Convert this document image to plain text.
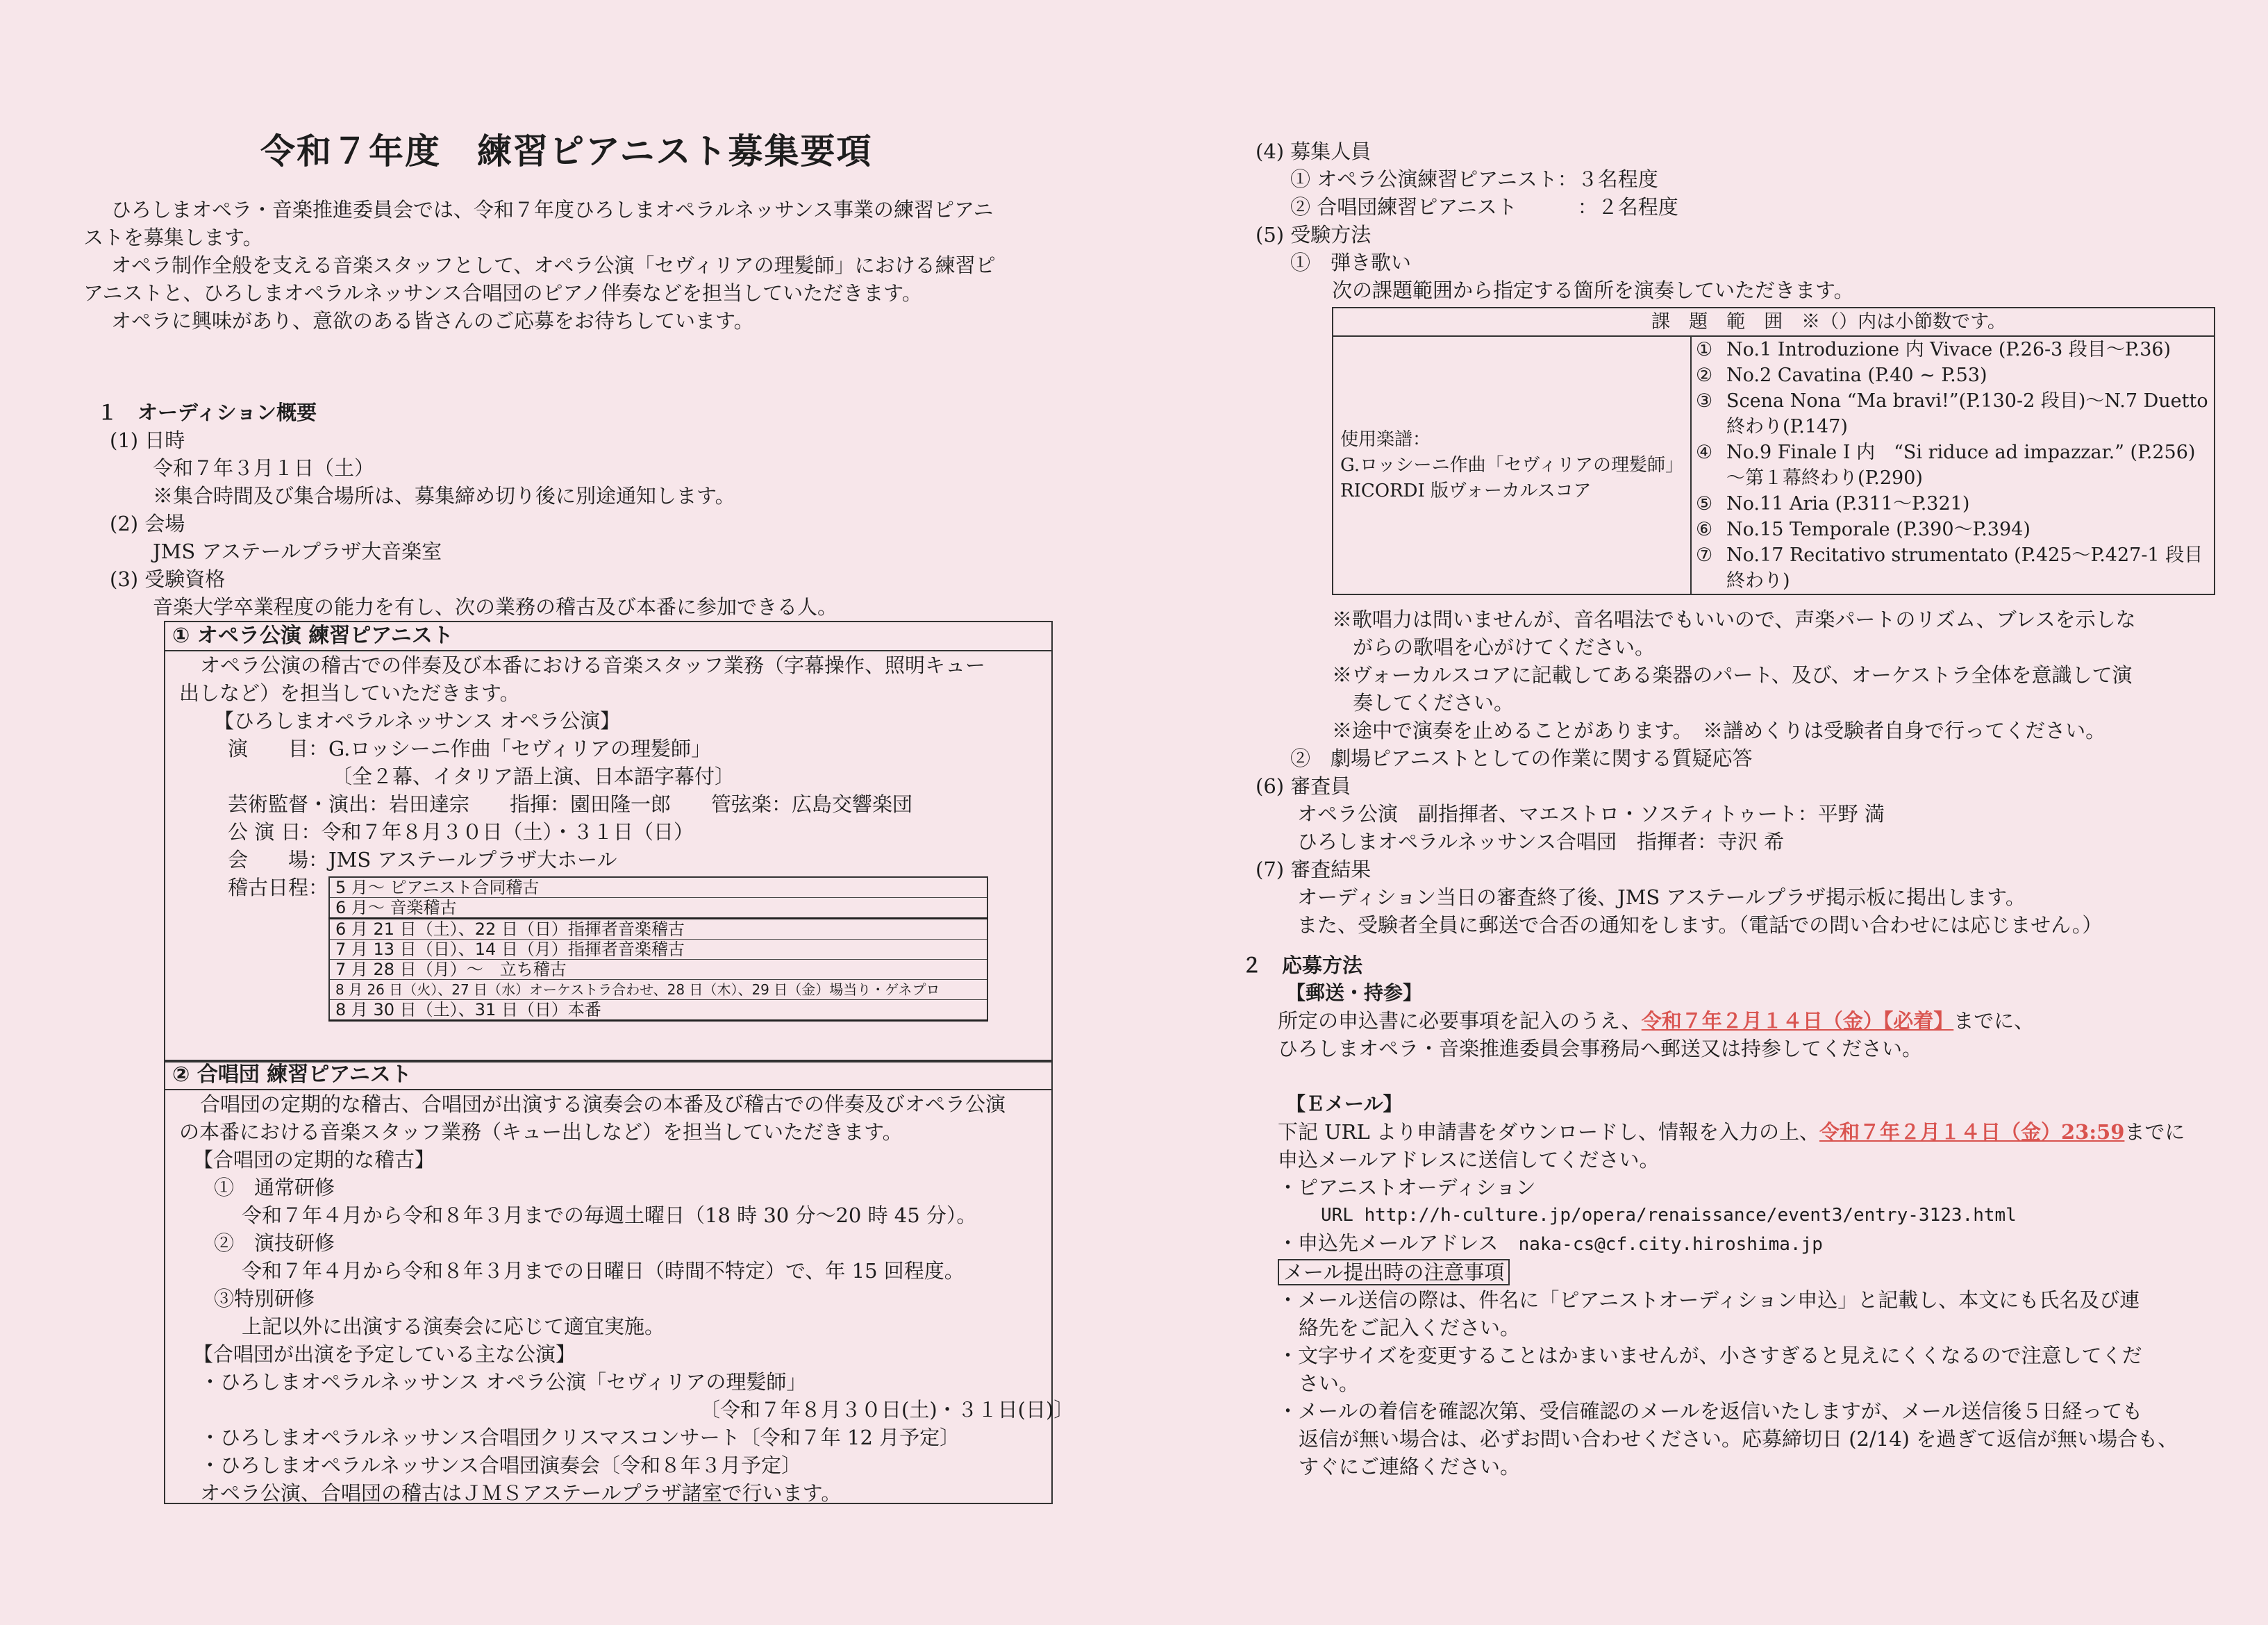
令和７年度　練習ピアニスト募集要項
ひろしまオペラ・音楽推進委員会では、令和７年度ひろしまオペラルネッサンス事業の練習ピアニ
ストを募集します。
オペラ制作全般を支える音楽スタッフとして、オペラ公演「セヴィリアの理髪師」における練習ピ
アニストと、ひろしまオペラルネッサンス合唱団のピアノ伴奏などを担当していただきます。
オペラに興味があり、意欲のある皆さんのご応募をお待ちしています。
１　オーディション概要
(1) 日時
令和７年３月１日（土）
※集合時間及び集合場所は、募集締め切り後に別途通知します。
(2) 会場
JMS アステールプラザ大音楽室
(3) 受験資格
音楽大学卒業程度の能力を有し、次の業務の稽古及び本番に参加できる人。
① オペラ公演 練習ピアニスト
オペラ公演の稽古での伴奏及び本番における音楽スタッフ業務（字幕操作、照明キュー
出しなど）を担当していただきます。
【ひろしまオペラルネッサンス オペラ公演】
演　　目：G.ロッシーニ作曲「セヴィリアの理髪師」
〔全２幕、イタリア語上演、日本語字幕付〕
芸術監督・演出：岩田達宗　　指揮：園田隆一郎　　管弦楽：広島交響楽団
公 演 日：令和７年８月３０日（土）・３１日（日）
会　　場：JMS アステールプラザ大ホール
稽古日程： 5 月～ ピアニスト合同稽古
6 月～ 音楽稽古
6 月 21 日（土）、22 日（日）指揮者音楽稽古
7 月 13 日（日）、14 日（月）指揮者音楽稽古
7 月 28 日（月）～　立ち稽古
8 月 26 日（火）、27 日（水）オーケストラ合わせ、28 日（木）、29 日（金）場当り・ゲネプロ
8 月 30 日（土）、31 日（日）本番
② 合唱団 練習ピアニスト
合唱団の定期的な稽古、合唱団が出演する演奏会の本番及び稽古での伴奏及びオペラ公演
の本番における音楽スタッフ業務（キュー出しなど）を担当していただきます。
【合唱団の定期的な稽古】
①　通常研修
令和７年４月から令和８年３月までの毎週土曜日（18 時 30 分～20 時 45 分）。
②　演技研修
令和７年４月から令和８年３月までの日曜日（時間不特定）で、年 15 回程度。
③特別研修
上記以外に出演する演奏会に応じて適宜実施。
【合唱団が出演を予定している主な公演】
・ひろしまオペラルネッサンス オペラ公演「セヴィリアの理髪師」
〔令和７年８月３０日(土)・３１日(日)〕
・ひろしまオペラルネッサンス合唱団クリスマスコンサート〔令和７年 12 月予定〕
・ひろしまオペラルネッサンス合唱団演奏会〔令和８年３月予定〕
オペラ公演、合唱団の稽古はＪＭＳアステールプラザ諸室で行います。
(4) 募集人員
① オペラ公演練習ピアニスト：３名程度
② 合唱団練習ピアニスト　　　：２名程度
(5) 受験方法
①　弾き歌い
次の課題範囲から指定する箇所を演奏していただきます。
課　題　範　囲　※（）内は小節数です。

使用楽譜：
G.ロッシーニ作曲「セヴィリアの理髪師」
RICORDI 版ヴォーカルスコア

① No.1 Introduzione 内 Vivace (P.26-3 段目～P.36)
② No.2 Cavatina (P.40 ~ P.53)
③ Scena Nona “Ma bravi!”(P.130-2 段目)～N.7 Duetto 終わり(P.147)
④ No.9 Finale I 内　“Si riduce ad impazzar.” (P.256) ～第１幕終わり(P.290)
⑤ No.11 Aria (P.311～P.321)
⑥ No.15 Temporale (P.390～P.394)
⑦ No.17 Recitativo strumentato (P.425～P.427-1 段目終わり)
※歌唱力は問いませんが、音名唱法でもいいので、声楽パートのリズム、ブレスを示しな
がらの歌唱を心がけてください。
※ヴォーカルスコアに記載してある楽器のパート、及び、オーケストラ全体を意識して演
奏してください。
※途中で演奏を止めることがあります。　※譜めくりは受験者自身で行ってください。
②　劇場ピアニストとしての作業に関する質疑応答
(6) 審査員
オペラ公演　副指揮者、マエストロ・ソスティトゥート：平野 満
ひろしまオペラルネッサンス合唱団　指揮者：寺沢 希
(7) 審査結果
オーディション当日の審査終了後、JMS アステールプラザ掲示板に掲出します。
また、受験者全員に郵送で合否の通知をします。（電話での問い合わせには応じません。）
２　応募方法
【郵送・持参】
所定の申込書に必要事項を記入のうえ、令和７年２月１４日（金）【必着】までに、
ひろしまオペラ・音楽推進委員会事務局へ郵送又は持参してください。
【Ｅメール】
下記 URL より申請書をダウンロードし、情報を入力の上、令和７年２月１４日（金）23:59までに
申込メールアドレスに送信してください。
・ピアニストオーディション
URL http://h-culture.jp/opera/renaissance/event3/entry-3123.html
・申込先メールアドレス　naka-cs@cf.city.hiroshima.jp
メール提出時の注意事項
・メール送信の際は、件名に「ピアニストオーディション申込」と記載し、本文にも氏名及び連
絡先をご記入ください。
・文字サイズを変更することはかまいませんが、小さすぎると見えにくくなるので注意してくだ
さい。
・メールの着信を確認次第、受信確認のメールを返信いたしますが、メール送信後５日経っても
返信が無い場合は、必ずお問い合わせください。応募締切日 (2/14) を過ぎて返信が無い場合も、
すぐにご連絡ください。
